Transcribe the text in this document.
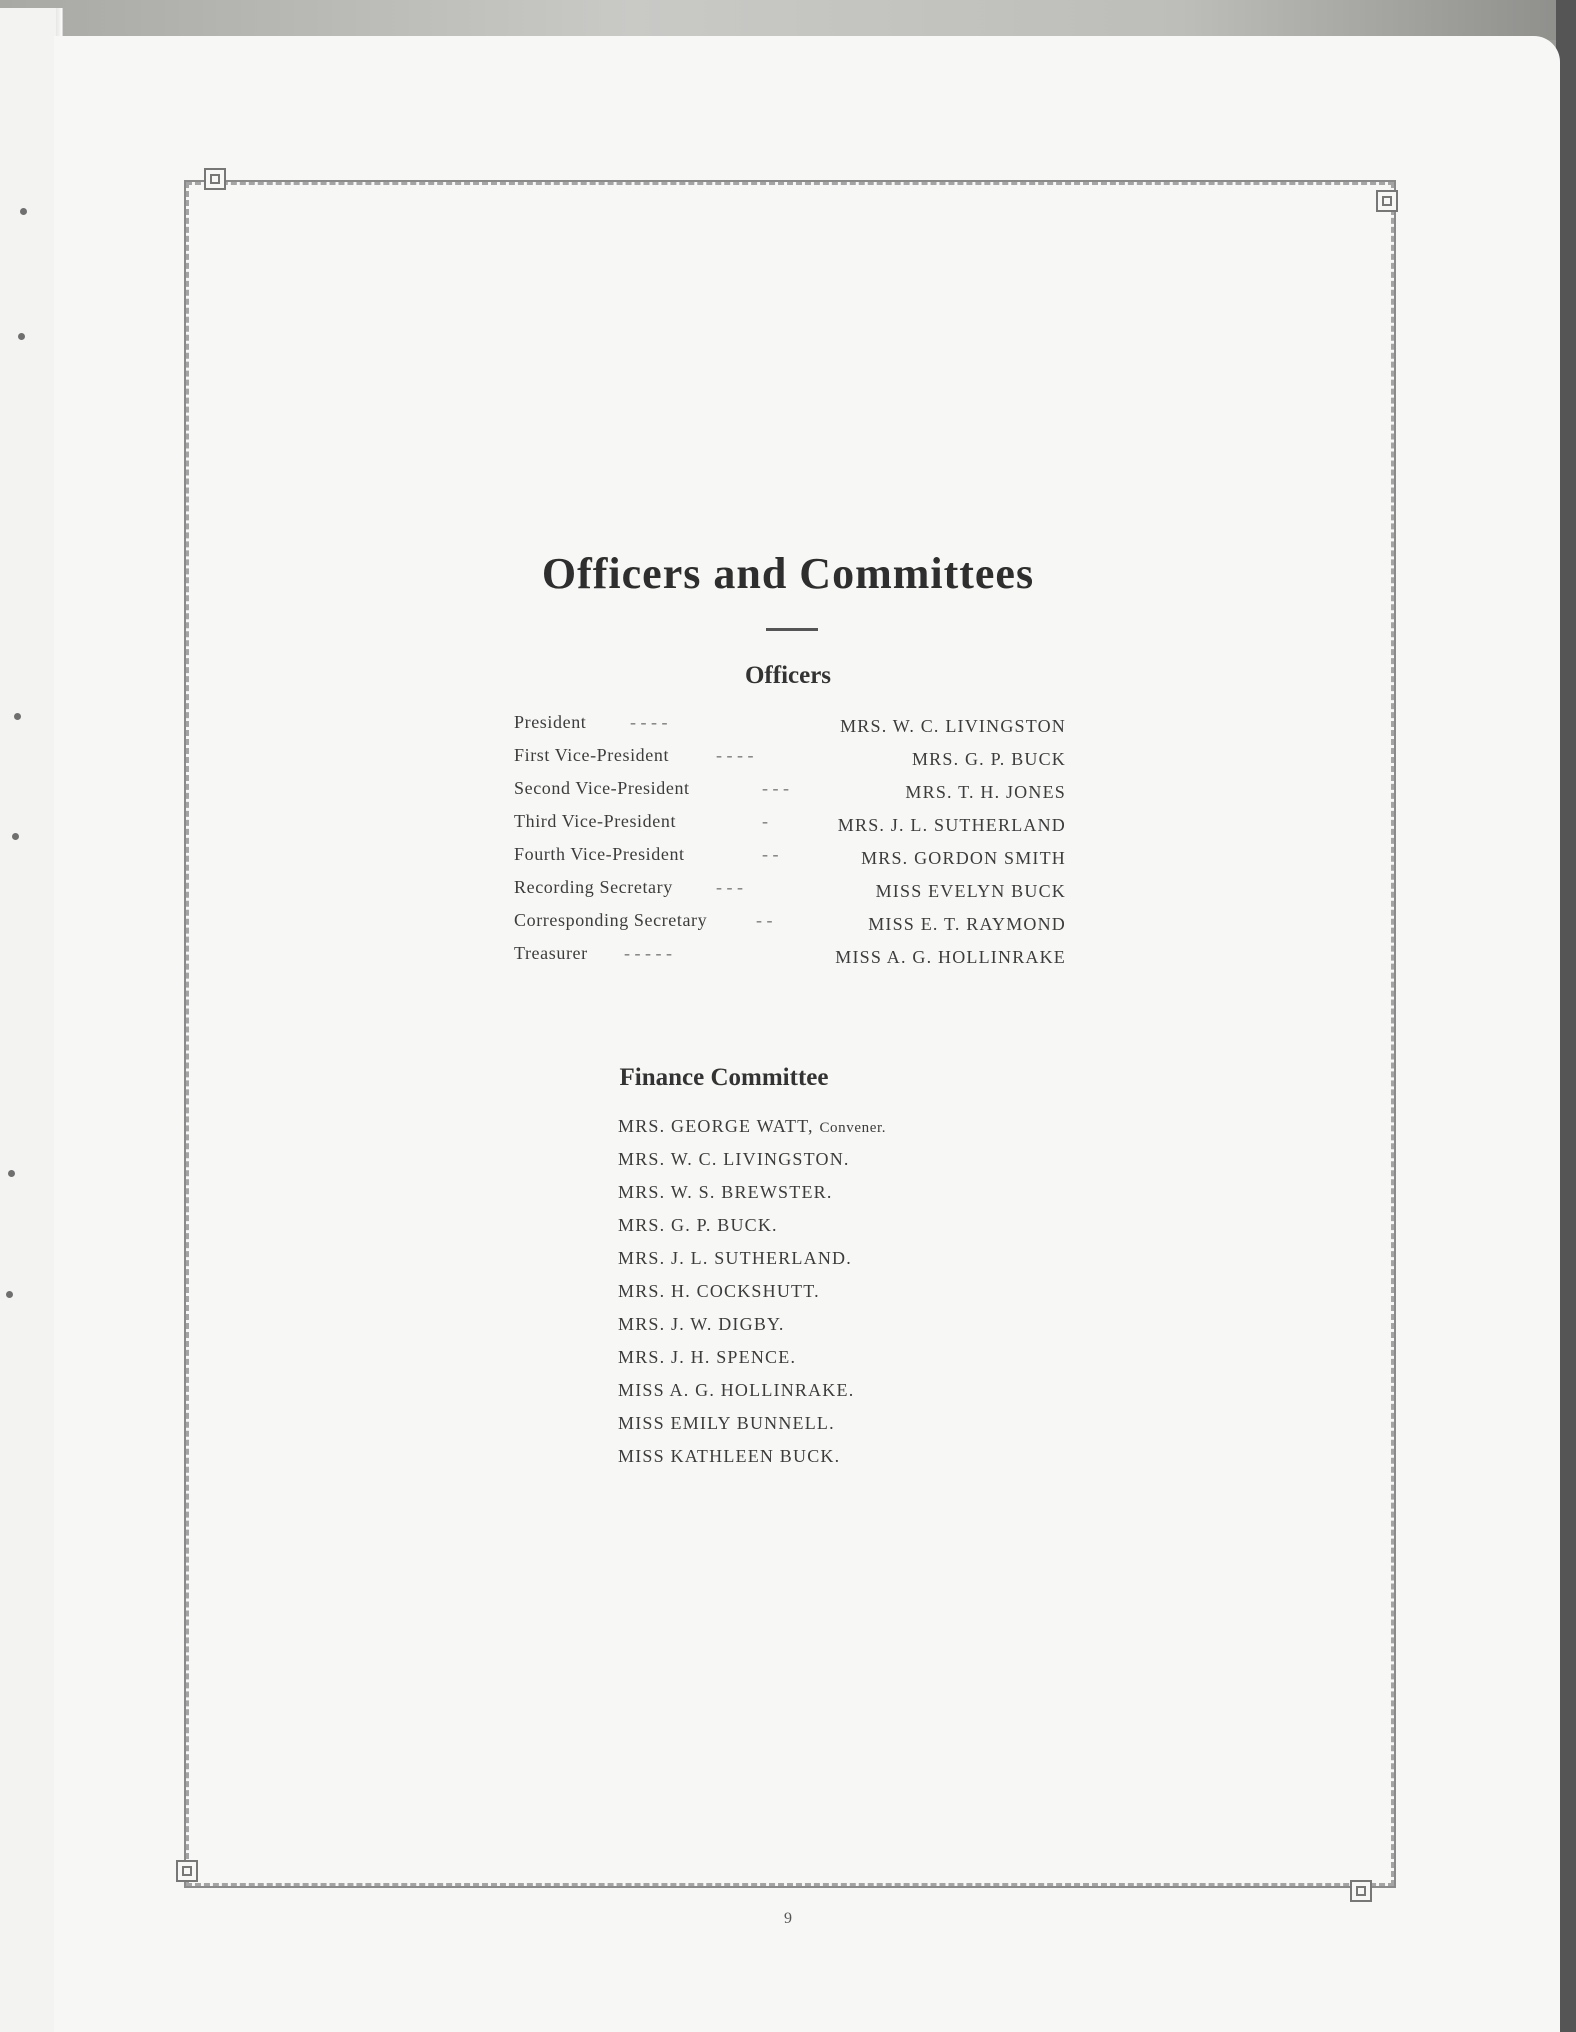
Officers and Committees
Officers
President - - - -	MRS. W. C. LIVINGSTON
First Vice-President	- - - -	MRS. G. P. BUCK
Second Vice-President	- - -	MRS. T. H. JONES
Third Vice-President	-	MRS. J. L. SUTHERLAND
Fourth Vice-President	- -	MRS. GORDON SMITH
Recording Secretary - - -	MISS EVELYN BUCK
Corresponding Secretary	- -	MISS E. T. RAYMOND
Treasurer - - - - -	MISS A. G. HOLLINRAKE
Finance Committee
MRS. GEORGE WATT, Convener.
MRS. W. C. LIVINGSTON.
MRS. W. S. BREWSTER.
MRS. G. P. BUCK.
MRS. J. L. SUTHERLAND.
MRS. H. COCKSHUTT.
MRS. J. W. DIGBY.
MRS. J. H. SPENCE.
MISS A. G. HOLLINRAKE.
MISS EMILY BUNNELL.
MISS KATHLEEN BUCK.
9
